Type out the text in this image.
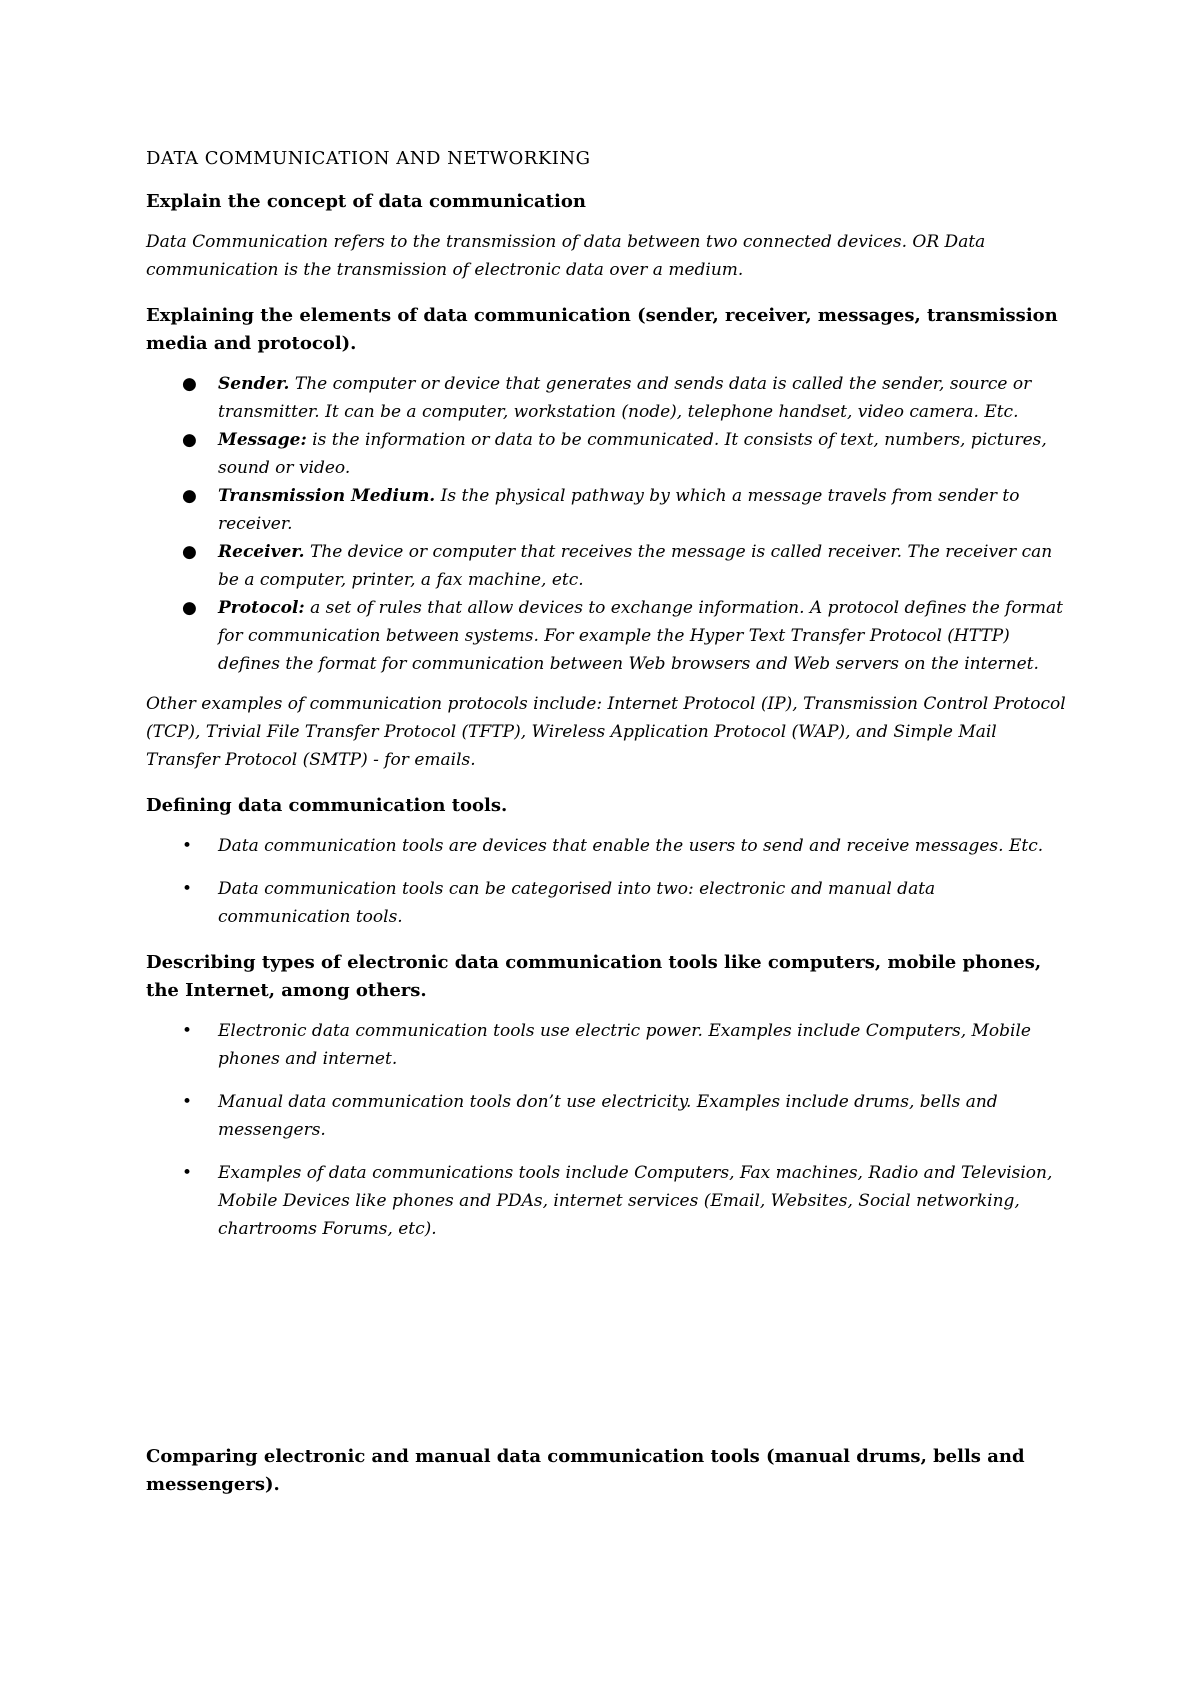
DATA COMMUNICATION AND NETWORKING
Explain the concept of data communication

Data Communication refers to the transmission of data between two connected devices. OR Data communication is the transmission of electronic data over a medium.

Explaining the elements of data communication (sender, receiver, messages, transmission media and protocol).
● Sender. The computer or device that generates and sends data is called the sender, source or transmitter. It can be a computer, workstation (node), telephone handset, video camera. Etc.
● Message: is the information or data to be communicated. It consists of text, numbers, pictures, sound or video.
● Transmission Medium. Is the physical pathway by which a message travels from sender to receiver.
● Receiver. The device or computer that receives the message is called receiver. The receiver can be a computer, printer, a fax machine, etc.
● Protocol: a set of rules that allow devices to exchange information. A protocol defines the format for communication between systems. For example the Hyper Text Transfer Protocol (HTTP) defines the format for communication between Web browsers and Web servers on the internet.

Other examples of communication protocols include: Internet Protocol (IP), Transmission Control Protocol (TCP), Trivial File Transfer Protocol (TFTP), Wireless Application Protocol (WAP), and Simple Mail Transfer Protocol (SMTP) - for emails.

Defining data communication tools.
• Data communication tools are devices that enable the users to send and receive messages. Etc.
• Data communication tools can be categorised into two: electronic and manual data communication tools.
Describing types of electronic data communication tools like computers, mobile phones, the Internet, among others.
• Electronic data communication tools use electric power. Examples include Computers, Mobile phones and internet.
• Manual data communication tools don’t use electricity. Examples include drums, bells and messengers.
• Examples of data communications tools include Computers, Fax machines, Radio and Television, Mobile Devices like phones and PDAs, internet services (Email, Websites, Social networking, chartrooms Forums, etc).
Comparing electronic and manual data communication tools (manual drums, bells and messengers).
